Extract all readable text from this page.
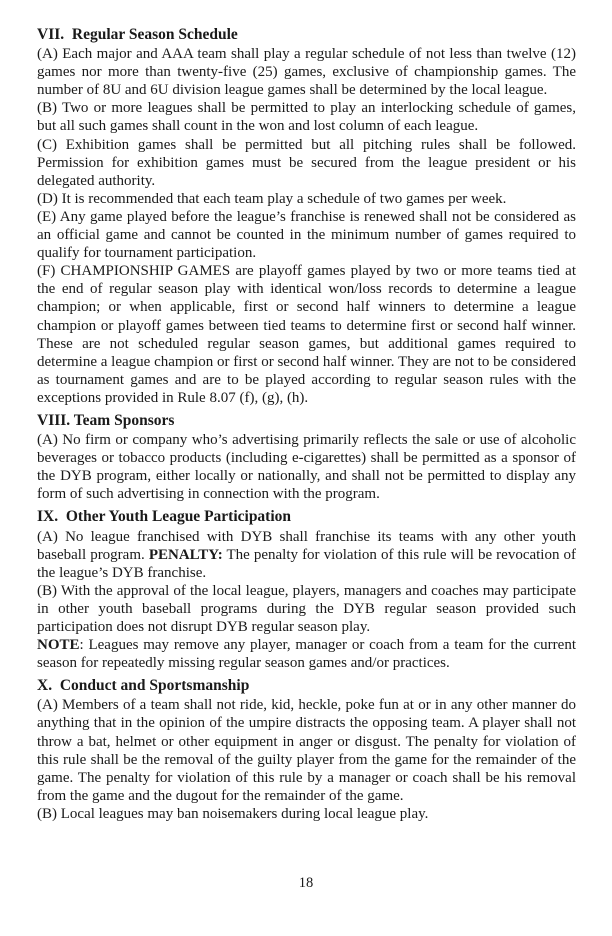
VII.  Regular Season Schedule

(A) Each major and AAA team shall play a regular schedule of not less than twelve (12) games nor more than twenty-five (25) games, exclusive of championship games. The number of 8U and 6U division league games shall be determined by the local league.

(B) Two or more leagues shall be permitted to play an interlocking schedule of games, but all such games shall count in the won and lost column of each league.

(C) Exhibition games shall be permitted but all pitching rules shall be followed. Permission for exhibition games must be secured from the league president or his delegated authority.

(D) It is recommended that each team play a schedule of two games per week.

(E) Any game played before the league’s franchise is renewed shall not be considered as an official game and cannot be counted in the minimum number of games required to qualify for tournament participation.

(F) CHAMPIONSHIP GAMES are playoff games played by two or more teams tied at the end of regular season play with identical won/loss records to determine a league champion; or when applicable, first or second half winners to determine a league champion or playoff games between tied teams to determine first or second half winner. These are not scheduled regular season games, but additional games required to determine a league champion or first or second half winner. They are not to be considered as tournament games and are to be played according to regular season rules with the exceptions provided in Rule 8.07 (f), (g), (h).

VIII. Team Sponsors

(A) No firm or company who’s advertising primarily reflects the sale or use of alcoholic beverages or tobacco products (including e-cigarettes) shall be permitted as a sponsor of the DYB program, either locally or nationally, and shall not be permitted to display any form of such advertising in connection with the program.

IX.  Other Youth League Participation

(A) No league franchised with DYB shall franchise its teams with any other youth baseball program. PENALTY: The penalty for violation of this rule will be revocation of the league’s DYB franchise.

(B) With the approval of the local league, players, managers and coaches may participate in other youth baseball programs during the DYB regular season provided such participation does not disrupt DYB regular season play.

NOTE: Leagues may remove any player, manager or coach from a team for the current season for repeatedly missing regular season games and/or practices.

X.  Conduct and Sportsmanship

(A) Members of a team shall not ride, kid, heckle, poke fun at or in any other manner do anything that in the opinion of the umpire distracts the opposing team. A player shall not throw a bat, helmet or other equipment in anger or disgust. The penalty for violation of this rule shall be the removal of the guilty player from the game for the remainder of the game. The penalty for violation of this rule by a manager or coach shall be his removal from the game and the dugout for the remainder of the game.

(B) Local leagues may ban noisemakers during local league play.

18
